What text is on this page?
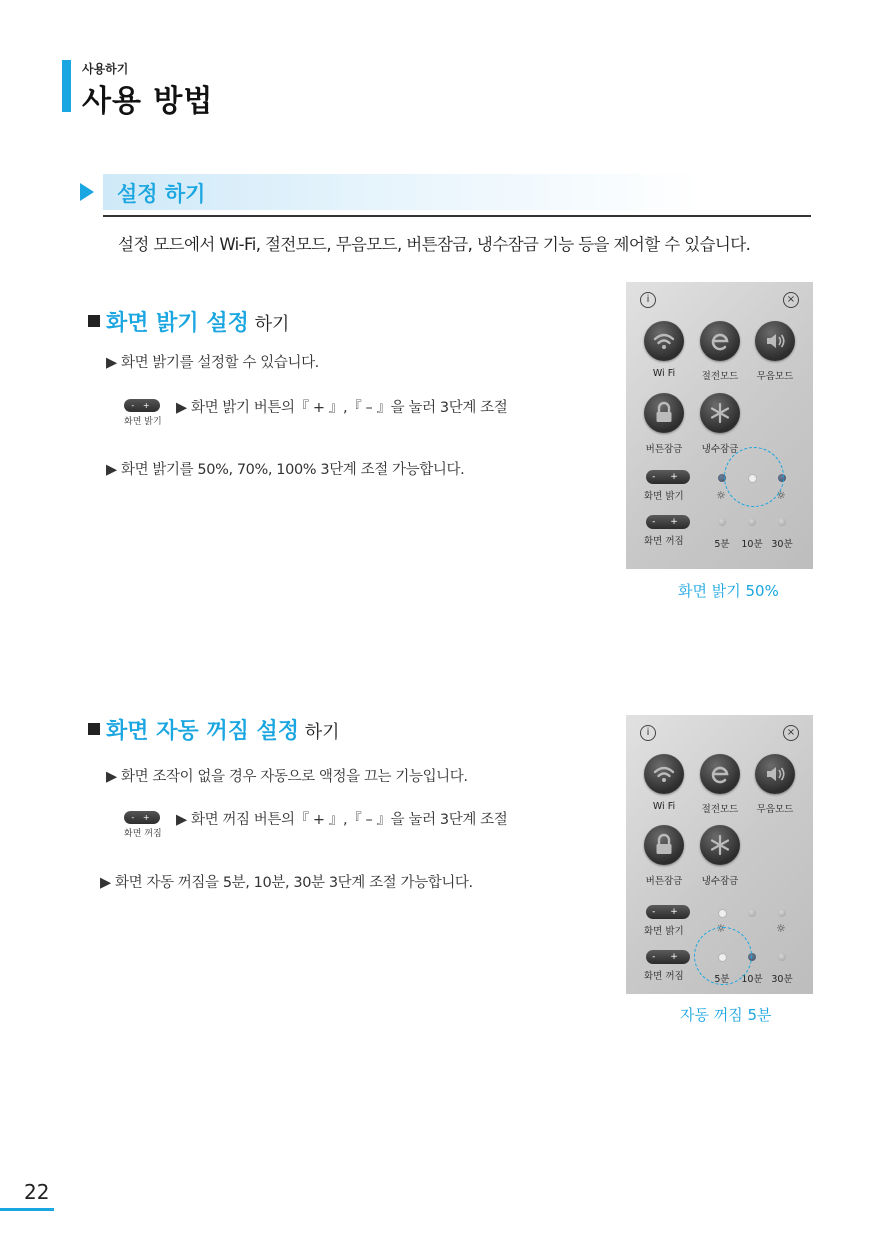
사용하기
사용 방법
설정 하기
설정 모드에서 Wi-Fi, 절전모드, 무음모드, 버튼잠금, 냉수잠금 기능 등을 제어할 수 있습니다.
화면 밝기 설정 하기
▶ 화면 밝기를 설정할 수 있습니다.
- +
화면 밝기
▶ 화면 밝기 버튼의『 + 』,『 – 』을 눌러 3단계 조절
▶ 화면 밝기를 50%, 70%, 100% 3단계 조절 가능합니다.
i	×
Wi Fi	절전모드	무음모드
버튼잠금	냉수잠금
- +
화면 밝기	☼	☼
- +
화면 꺼짐	5분	10분 30분
화면 밝기 50%
화면 자동 꺼짐 설정 하기
▶ 화면 조작이 없을 경우 자동으로 액정을 끄는 기능입니다.
- +
화면 꺼짐
▶ 화면 꺼짐 버튼의『 + 』,『 – 』을 눌러 3단계 조절
▶ 화면 자동 꺼짐을 5분, 10분, 30분 3단계 조절 가능합니다.
i	×
Wi Fi	절전모드	무음모드
버튼잠금	냉수잠금
- +
화면 밝기	☼	☼
- +
화면 꺼짐	5분	10분 30분
자동 꺼짐 5분
22
